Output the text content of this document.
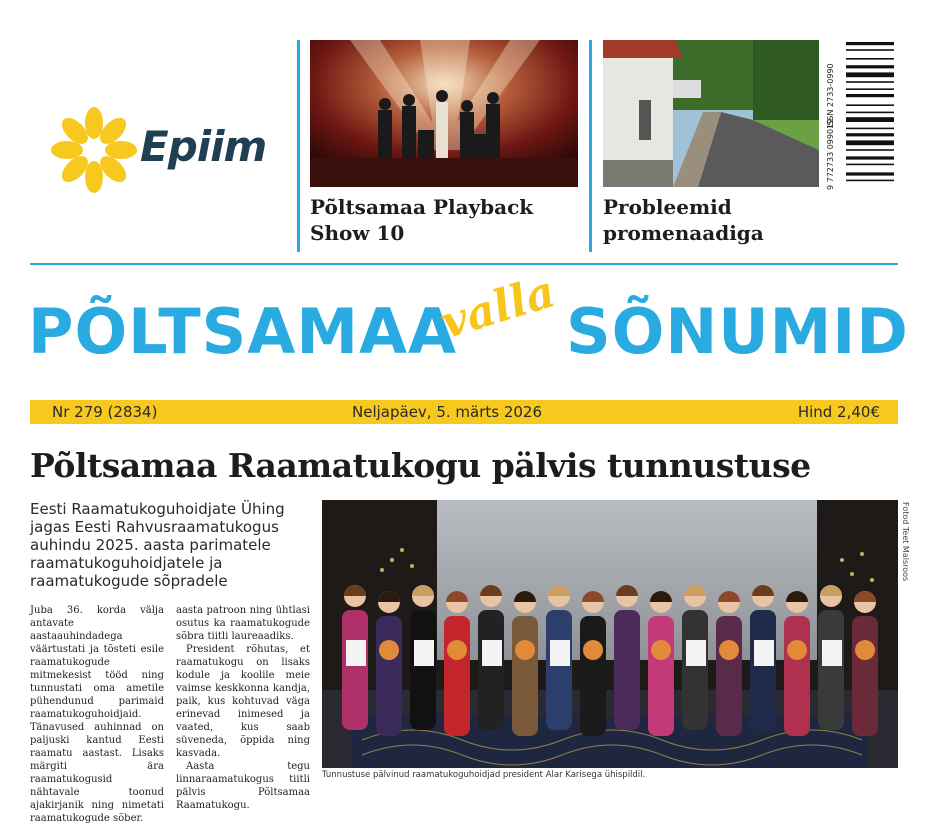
Epiim
Põltsamaa Playback
Show 10
Probleemid
promenaadiga
ISSN 2733-0990
9 772733 099019
PÕLTSAMAA
valla SÕNUMID
Nr 279 (2834)	Neljapäev, 5. märts 2026	Hind 2,40€
Põltsamaa Raamatukogu pälvis tunnustuse
Eesti Raamatukoguhoidjate Ühing jagas Eesti Rahvusraamatukogus auhindu 2025. aasta parimatele raamatukoguhoidjatele ja raamatukogude sõpradele

Juba 36. korda välja antavate aastaauhindadega väärtustati ja tõsteti esile raamatukogude mitmekesist tööd ning tunnustati oma ametile pühendunud parimaid raamatukoguhoidjaid. Tänavused auhinnad on paljuski kantud Eesti raamatu aastast. Lisaks märgiti ära raamatukogusid nähtavale toonud ajakirjanik ning nimetati raamatukogude sõber.

aasta patroon ning ühtlasi osutus ka raamatukogude sõbra tiitli laureaadiks.

President rõhutas, et raamatukogu on lisaks kodule ja koolile meie vaimse keskkonna kandja, paik, kus kohtuvad väga erinevad inimesed ja vaated, kus saab süveneda, õppida ning kasvada.

Aasta tegu linnaraamatukogus tiitli pälvis Põltsamaa Raamatukogu.

Tunnustuse pälvinud raamatukoguhoidjad president Alar Karisega ühispildil.
Fotod Teet Malsroos
